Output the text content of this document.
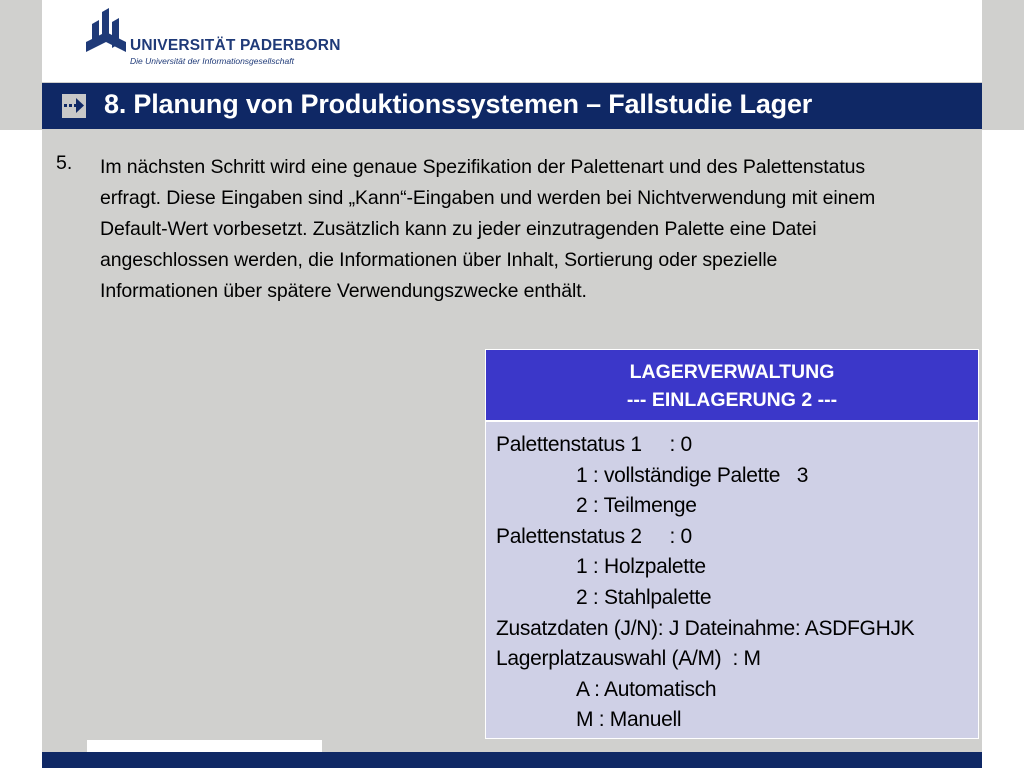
UNIVERSITÄT PADERBORN
Die Universität der Informationsgesellschaft
8. Planung von Produktionssystemen – Fallstudie Lager
5. Im nächsten Schritt wird eine genaue Spezifikation der Palettenart und des Palettenstatus
erfragt. Diese Eingaben sind „Kann“-Eingaben und werden bei Nichtverwendung mit einem
Default-Wert vorbesetzt. Zusätzlich kann zu jeder einzutragenden Palette eine Datei
angeschlossen werden, die Informationen über Inhalt, Sortierung oder spezielle
Informationen über spätere Verwendungszwecke enthält.

LAGERVERWALTUNG
--- EINLAGERUNG 2 ---
Palettenstatus 1     : 0
1 : vollständige Palette   3
2 : Teilmenge
Palettenstatus 2     : 0
1 : Holzpalette
2 : Stahlpalette
Zusatzdaten (J/N): J Dateinahme: ASDFGHJK
Lagerplatzauswahl (A/M)  : M
A : Automatisch
M : Manuell
